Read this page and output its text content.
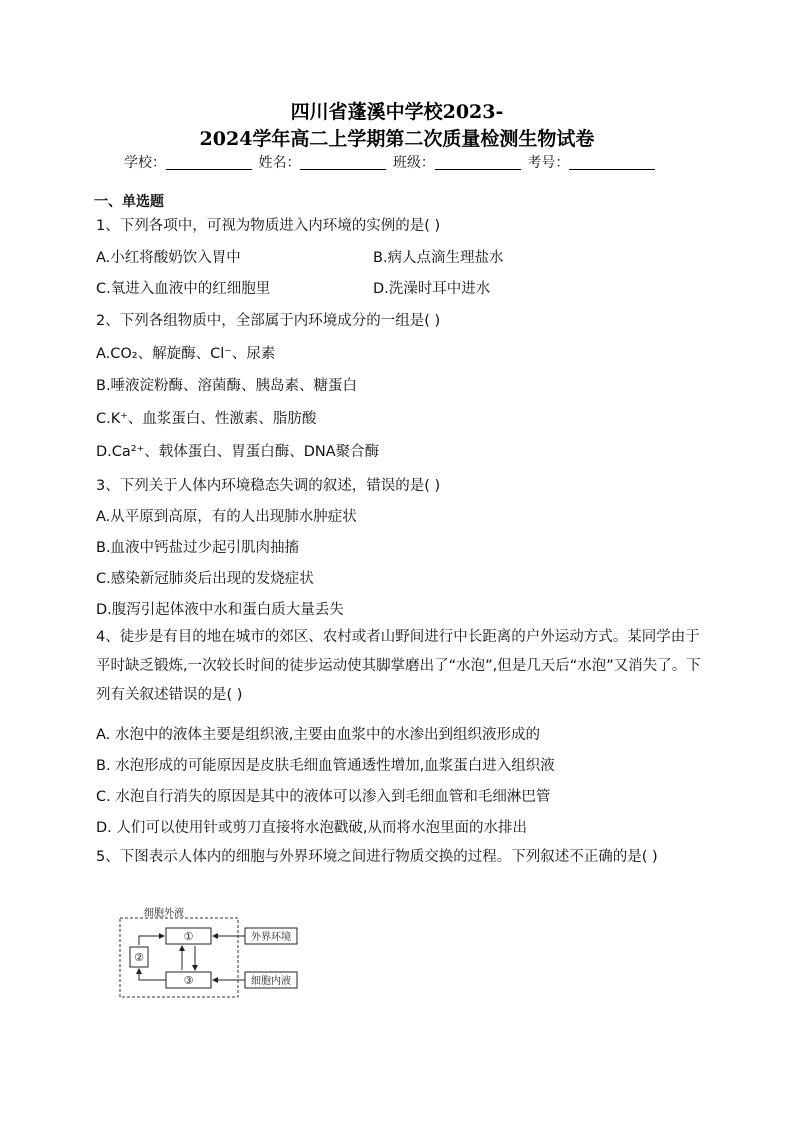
四川省蓬溪中学校2023-
2024学年高二上学期第二次质量检测生物试卷
学校：	姓名：	班级：	考号：
一、单选题
1、下列各项中，可视为物质进入内环境的实例的是( )
A.小红将酸奶饮入胃中	B.病人点滴生理盐水
C.氧进入血液中的红细胞里	D.洗澡时耳中进水
2、下列各组物质中，全部属于内环境成分的一组是( )
A.CO₂、解旋酶、Cl⁻、尿素
B.唾液淀粉酶、溶菌酶、胰岛素、糖蛋白
C.K⁺、血浆蛋白、性激素、脂肪酸
D.Ca²⁺、载体蛋白、胃蛋白酶、DNA聚合酶
3、下列关于人体内环境稳态失调的叙述，错误的是( )
A.从平原到高原，有的人出现肺水肿症状
B.血液中钙盐过少起引肌肉抽搐
C.感染新冠肺炎后出现的发烧症状
D.腹泻引起体液中水和蛋白质大量丢失
4、徒步是有目的地在城市的郊区、农村或者山野间进行中长距离的户外运动方式。某同学由于平时缺乏锻炼,一次较长时间的徒步运动使其脚掌磨出了“水泡”,但是几天后“水泡”又消失了。下列有关叙述错误的是( )
A. 水泡中的液体主要是组织液,主要由血浆中的水渗出到组织液形成的
B. 水泡形成的可能原因是皮肤毛细血管通透性增加,血浆蛋白进入组织液
C. 水泡自行消失的原因是其中的液体可以渗入到毛细血管和毛细淋巴管
D. 人们可以使用针或剪刀直接将水泡戳破,从而将水泡里面的水排出
5、下图表示人体内的细胞与外界环境之间进行物质交换的过程。下列叙述不正确的是( )
细胞外液
①
③
②
外界环境
细胞内液
